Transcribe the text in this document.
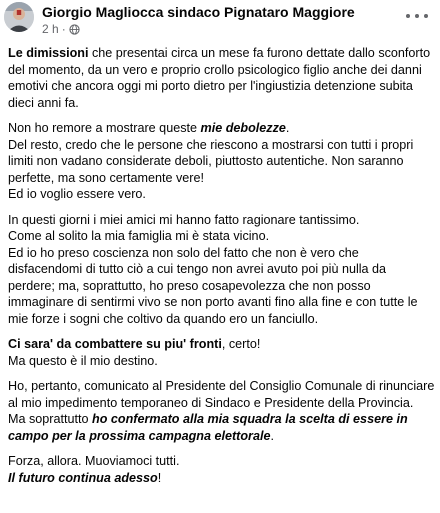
Giorgio Magliocca sindaco Pignataro Maggiore
2 h ·

Le dimissioni che presentai circa un mese fa furono dettate dallo sconforto del momento, da un vero e proprio crollo psicologico figlio anche dei danni emotivi che ancora oggi mi porto dietro per l'ingiustizia detenzione subita dieci anni fa.

Non ho remore a mostrare queste mie debolezze.
Del resto, credo che le persone che riescono a mostrarsi con tutti i propri limiti non vadano considerate deboli, piuttosto autentiche. Non saranno perfette, ma sono certamente vere!
Ed io voglio essere vero.

In questi giorni i miei amici mi hanno fatto ragionare tantissimo.
Come al solito la mia famiglia mi è stata vicino.
Ed io ho preso coscienza non solo del fatto che non è vero che disfacendomi di tutto ciò a cui tengo non avrei avuto poi più nulla da perdere; ma, soprattutto, ho preso cosapevolezza che non posso immaginare di sentirmi vivo se non porto avanti fino alla fine e con tutte le mie forze i sogni che coltivo da quando ero un fanciullo.

Ci sara' da combattere su piu' fronti, certo!
Ma questo è il mio destino.

Ho, pertanto, comunicato al Presidente del Consiglio Comunale di rinunciare al mio impedimento temporaneo di Sindaco e Presidente della Provincia.
Ma soprattutto ho confermato alla mia squadra la scelta di essere in campo per la prossima campagna elettorale.

Forza, allora. Muoviamoci tutti.
Il futuro continua adesso!
